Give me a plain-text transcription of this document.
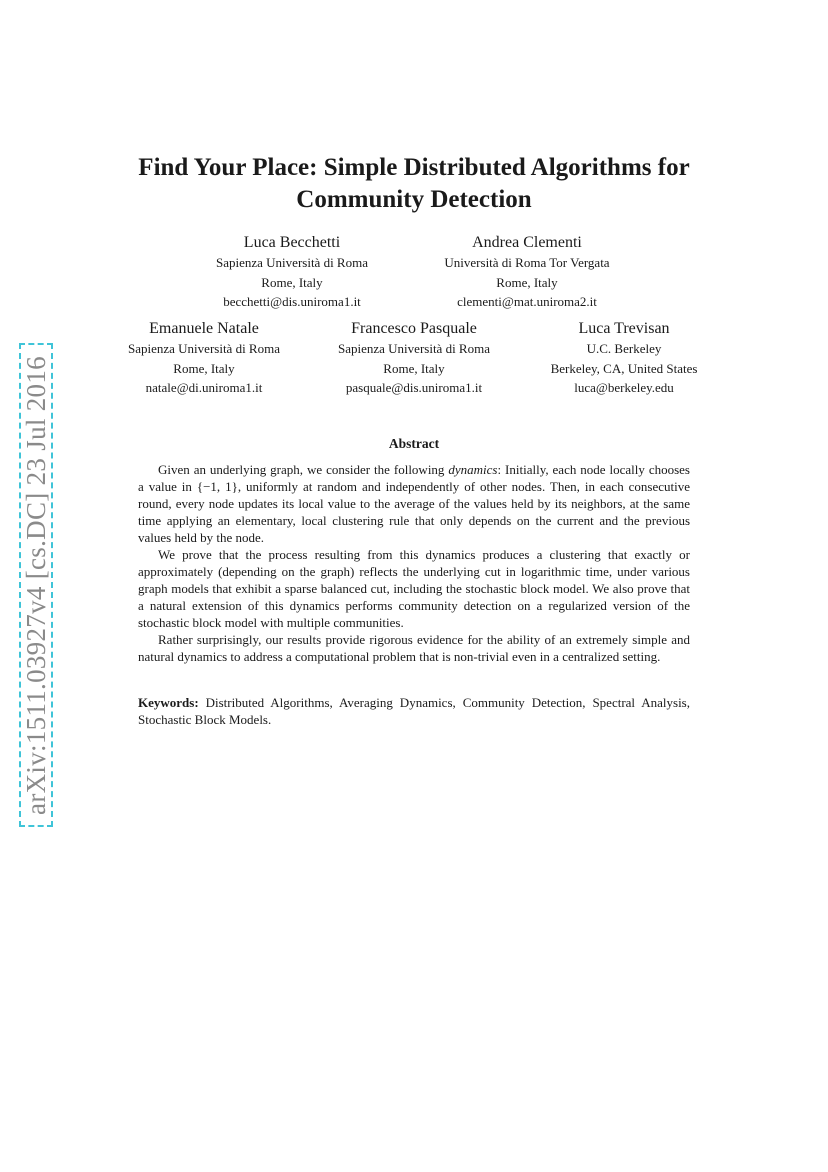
arXiv:1511.03927v4 [cs.DC] 23 Jul 2016
Find Your Place: Simple Distributed Algorithms for
Community Detection
Luca Becchetti
Sapienza Università di Roma
Rome, Italy
becchetti@dis.uniroma1.it
Andrea Clementi
Università di Roma Tor Vergata
Rome, Italy
clementi@mat.uniroma2.it
Emanuele Natale
Sapienza Università di Roma
Rome, Italy
natale@di.uniroma1.it
Francesco Pasquale
Sapienza Università di Roma
Rome, Italy
pasquale@dis.uniroma1.it
Luca Trevisan
U.C. Berkeley
Berkeley, CA, United States
luca@berkeley.edu
Abstract

Given an underlying graph, we consider the following dynamics: Initially, each node locally chooses a value in {−1, 1}, uniformly at random and independently of other nodes. Then, in each consecutive round, every node updates its local value to the average of the values held by its neighbors, at the same time applying an elementary, local clustering rule that only depends on the current and the previous values held by the node.

We prove that the process resulting from this dynamics produces a clustering that exactly or approximately (depending on the graph) reflects the underlying cut in logarithmic time, under various graph models that exhibit a sparse balanced cut, including the stochastic block model. We also prove that a natural extension of this dynamics performs community detection on a regularized version of the stochastic block model with multiple communities.

Rather surprisingly, our results provide rigorous evidence for the ability of an extremely simple and natural dynamics to address a computational problem that is non-trivial even in a centralized setting.

Keywords: Distributed Algorithms, Averaging Dynamics, Community Detection, Spectral Analysis, Stochastic Block Models.
